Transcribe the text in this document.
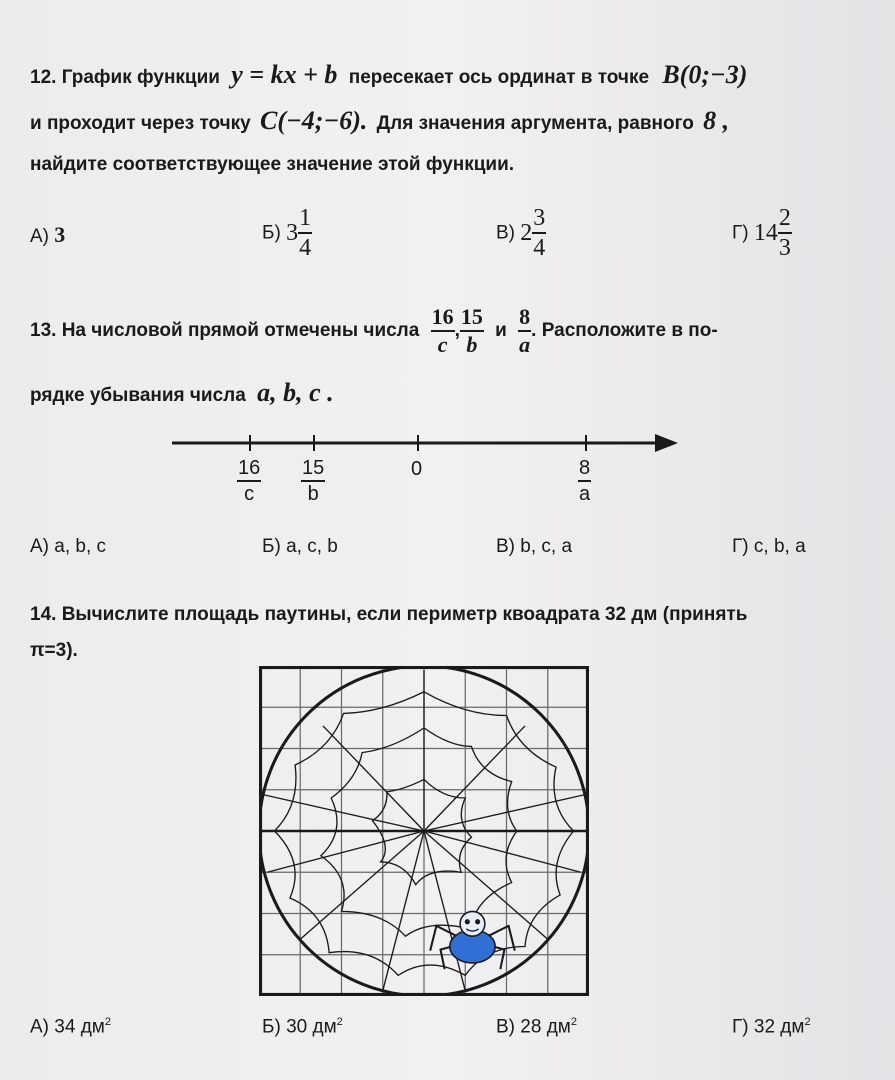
12. График функции y = kx + b пересекает ось ординат в точке B(0;−3)
и проходит через точку C(−4;−6). Для значения аргумента, равного 8 ,
найдите соответствующее значение этой функции.
А) 3	Б) $3 \frac{1}{4}$	В) $2 \frac{3}{4}$	Г) $14 \frac{2}{3}$
13. На числовой прямой отмечены числа $\frac{16}{c}$ , $\frac{15}{b}$ и $\frac{8}{a}$ . Расположите в по-
рядке убывания числа a, b, c .
$\frac{16}{c} \frac{15}{b}$	0	$\frac{8}{a}$
А) a, b, c	Б) a, c, b	В) b, c, a	Г) c, b, a
14. Вычислите площадь паутины, если периметр квоадрата 32 дм (принять
π=3).
А) 34 $дм^2$	Б) 30 $дм^2$	В) 28 $дм^2$	Г) 32 $дм^2$
